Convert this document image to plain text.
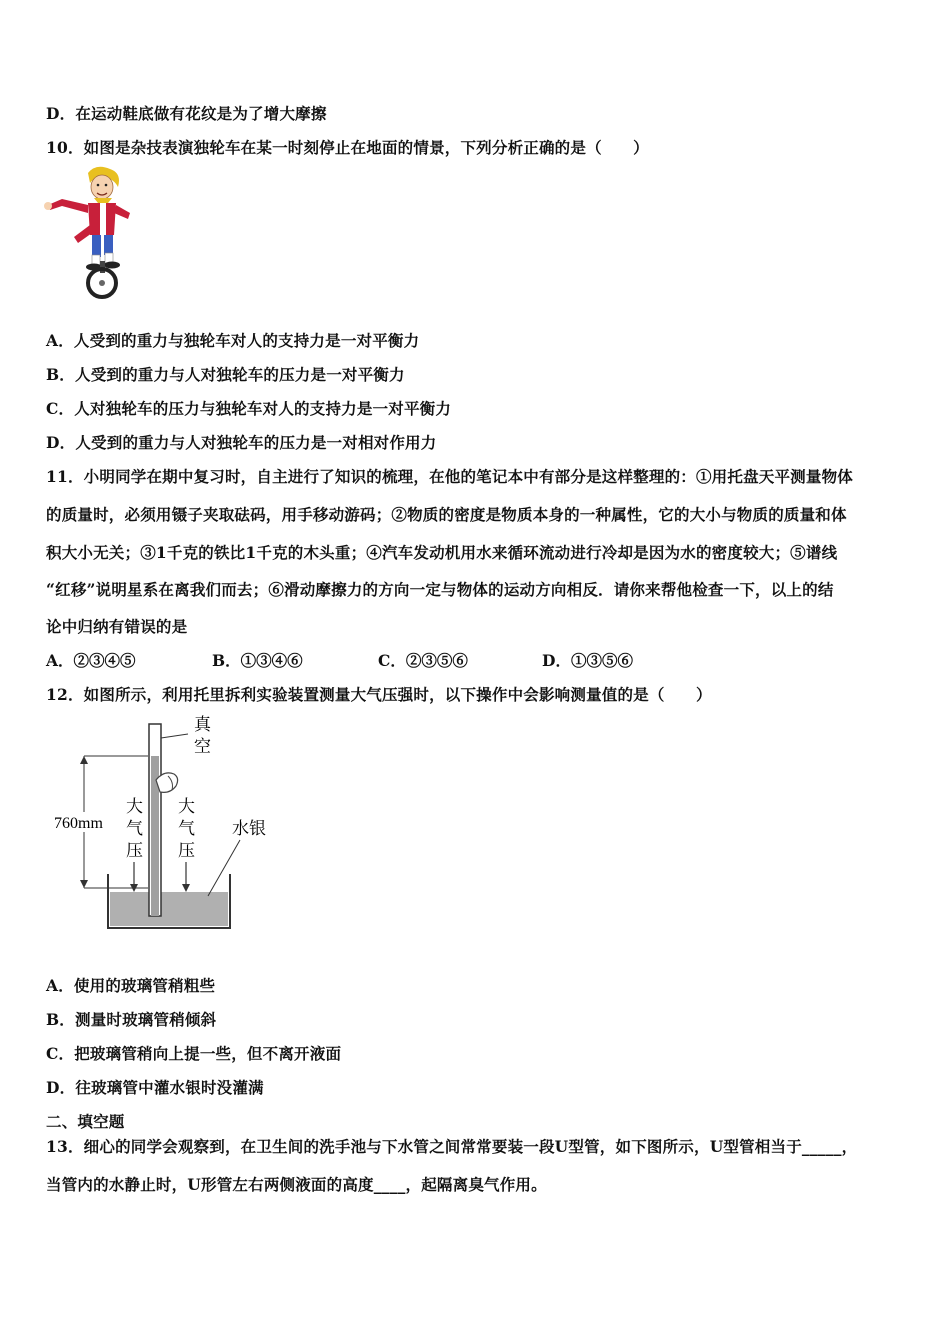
D．在运动鞋底做有花纹是为了增大摩擦
10．如图是杂技表演独轮车在某一时刻停止在地面的情景，下列分析正确的是（　　）
A．人受到的重力与独轮车对人的支持力是一对平衡力
B．人受到的重力与人对独轮车的压力是一对平衡力
C．人对独轮车的压力与独轮车对人的支持力是一对平衡力
D．人受到的重力与人对独轮车的压力是一对相对作用力
11．小明同学在期中复习时，自主进行了知识的梳理，在他的笔记本中有部分是这样整理的：①用托盘天平测量物体
的质量时，必须用镊子夹取砝码，用手移动游码；②物质的密度是物质本身的一种属性，它的大小与物质的质量和体
积大小无关；③1千克的铁比1千克的木头重；④汽车发动机用水来循环流动进行冷却是因为水的密度较大；⑤谱线
“红移”说明星系在离我们而去；⑥滑动摩擦力的方向一定与物体的运动方向相反．请你来帮他检查一下，以上的结
论中归纳有错误的是
A．②③④⑤	B．①③④⑥	C．②③⑤⑥	D．①③⑤⑥
12．如图所示，利用托里拆利实验装置测量大气压强时，以下操作中会影响测量值的是（　　）
真
空
760mm
大
气
压
大
气
压
水银
A．使用的玻璃管稍粗些
B．测量时玻璃管稍倾斜
C．把玻璃管稍向上提一些，但不离开液面
D．往玻璃管中灌水银时没灌满
二、填空题
13．细心的同学会观察到，在卫生间的洗手池与下水管之间常常要装一段U型管，如下图所示，U型管相当于_____，
当管内的水静止时，U形管左右两侧液面的高度____，起隔离臭气作用。
